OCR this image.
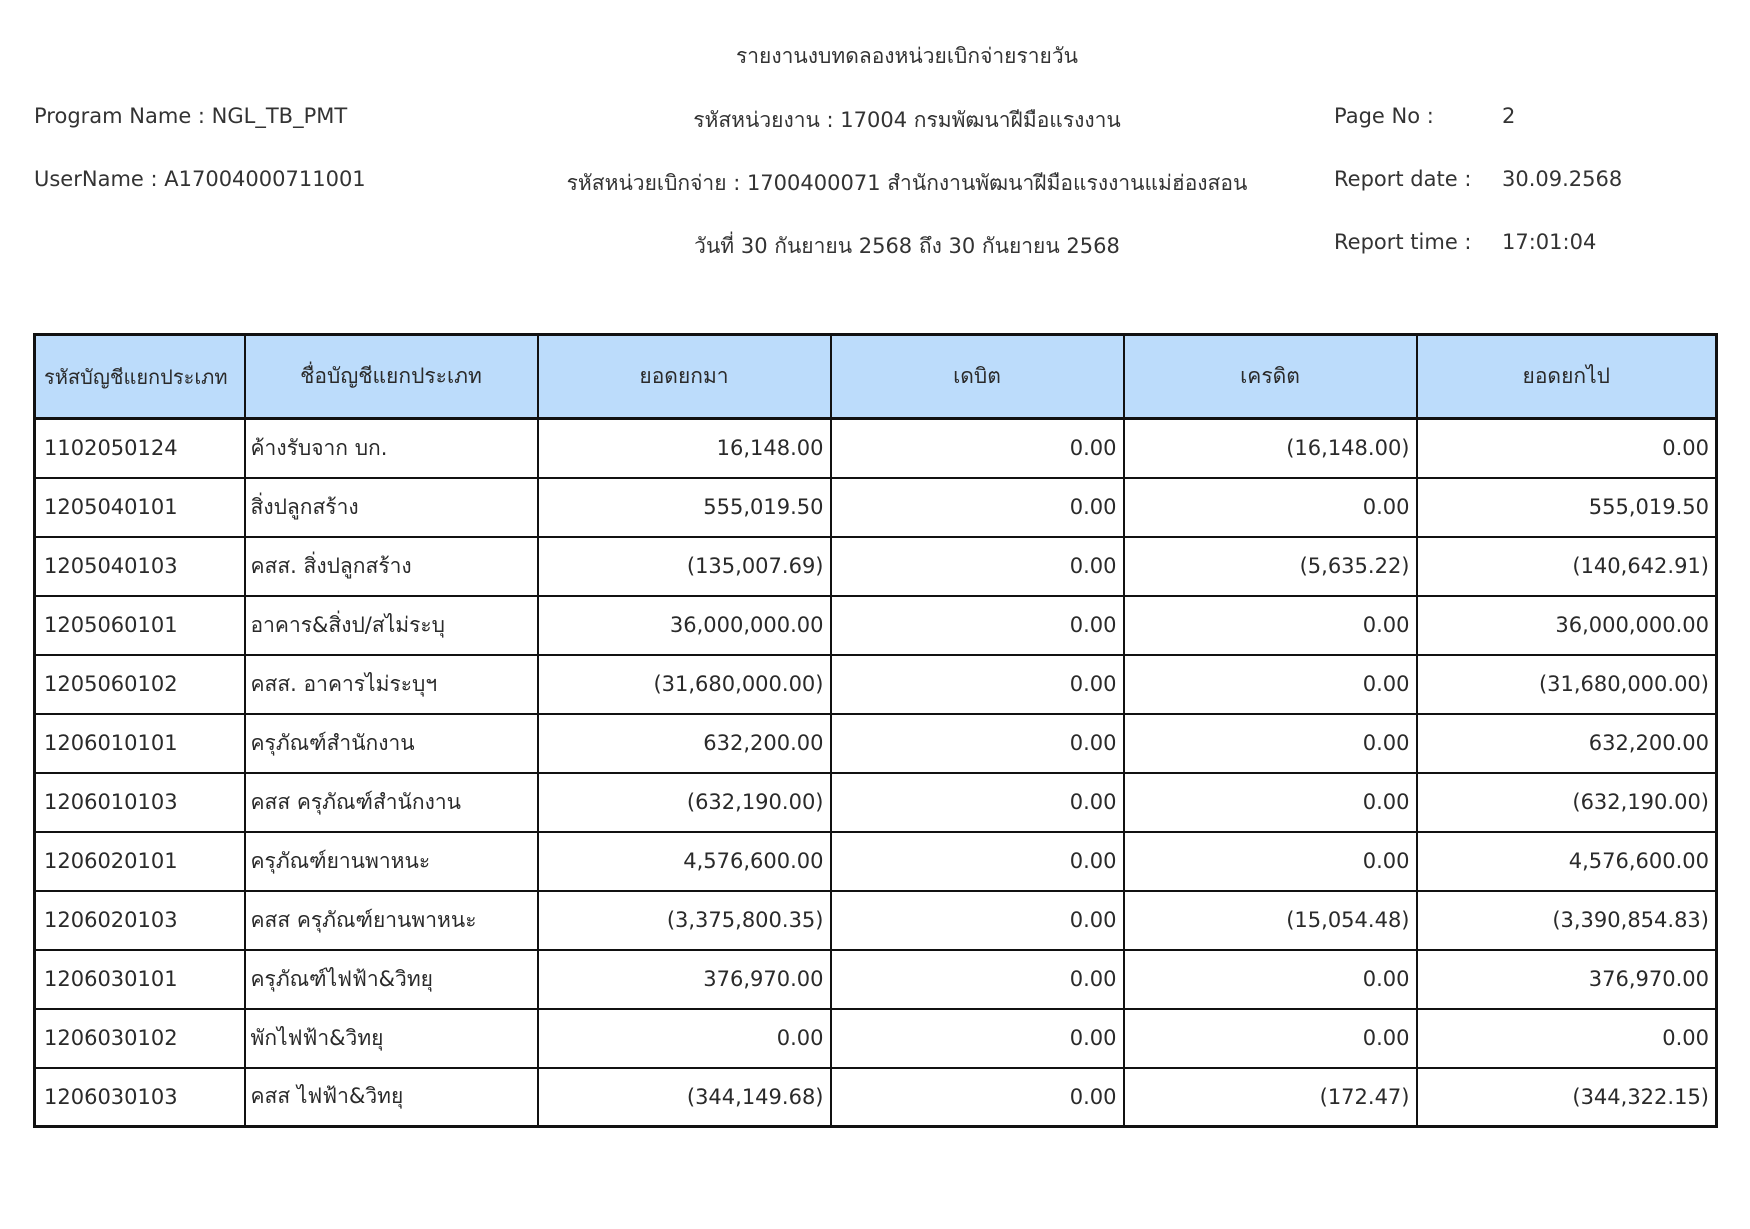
รายงานงบทดลองหน่วยเบิกจ่ายรายวัน
Program Name : NGL_TB_PMT	รหัสหน่วยงาน : 17004 กรมพัฒนาฝีมือแรงงาน	Page No :	2
UserName : A17004000711001	รหัสหน่วยเบิกจ่าย : 1700400071 สำนักงานพัฒนาฝีมือแรงงานแม่ฮ่องสอน	Report date : 30.09.2568
วันที่ 30 กันยายน 2568 ถึง 30 กันยายน 2568	Report time : 17:01:04
รหัสบัญชีแยกประเภท	ชื่อบัญชีแยกประเภท	ยอดยกมา	เดบิต	เครดิต	ยอดยกไป
1102050124	ค้างรับจาก บก.	16,148.00	0.00	(16,148.00)	0.00
1205040101	สิ่งปลูกสร้าง	555,019.50	0.00	0.00	555,019.50
1205040103	คสส. สิ่งปลูกสร้าง	(135,007.69)	0.00	(5,635.22)	(140,642.91)
1205060101	อาคาร&สิ่งป/สไม่ระบุ	36,000,000.00	0.00	0.00	36,000,000.00
1205060102	คสส. อาคารไม่ระบุฯ	(31,680,000.00)	0.00	0.00	(31,680,000.00)
1206010101	ครุภัณฑ์สำนักงาน	632,200.00	0.00	0.00	632,200.00
1206010103	คสส ครุภัณฑ์สำนักงาน	(632,190.00)	0.00	0.00	(632,190.00)
1206020101	ครุภัณฑ์ยานพาหนะ	4,576,600.00	0.00	0.00	4,576,600.00
1206020103	คสส ครุภัณฑ์ยานพาหนะ	(3,375,800.35)	0.00	(15,054.48)	(3,390,854.83)
1206030101	ครุภัณฑ์ไฟฟ้า&วิทยุ	376,970.00	0.00	0.00	376,970.00
1206030102	พักไฟฟ้า&วิทยุ	0.00	0.00	0.00	0.00
1206030103	คสส ไฟฟ้า&วิทยุ	(344,149.68)	0.00	(172.47)	(344,322.15)
